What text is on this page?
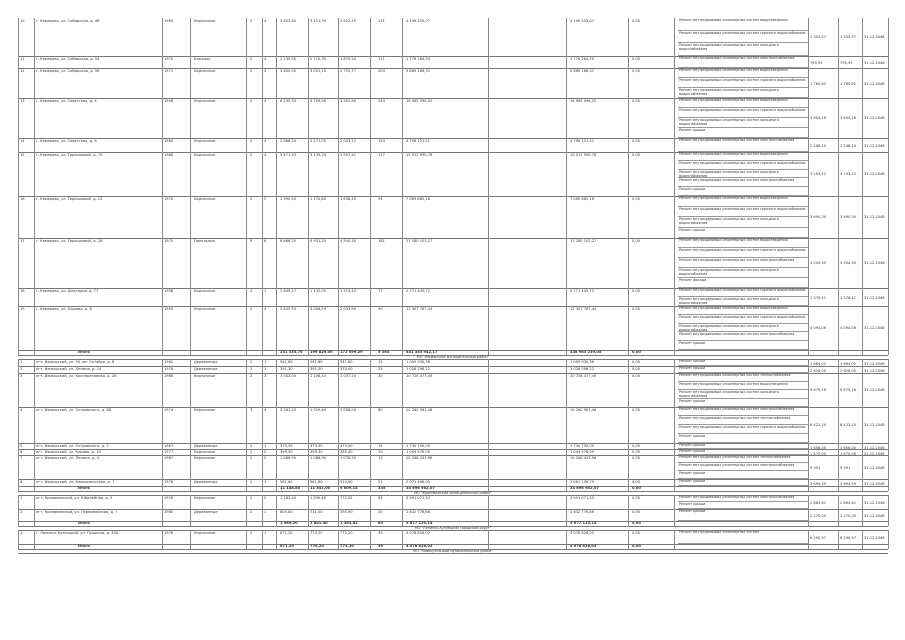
10	г. Кемерово, ул. Сибирская, д. 48	1969	Кирпичные	5	4	3 403,60	3 111,30	2 822,10	131	4 149 255,07	4 149 255,07	0,00	Ремонт внутридомовых инженерных систем водоотведения
Ремонт внутридомовых инженерных систем горячего водоснабжения
Ремонт внутридомовых инженерных систем холодного водоснабжения
1 353,57	1 353,57 31.12.2048
11	г. Кемерово, ул. Сибирская, д. 54	1970	Блочные	5	4	2 235,90	2 110,30	1 879,20	111	1 776 264,50	1 776 264,50	0,00	Ремонт внутридомовых инженерных систем электроснабжения
790,95	790,95	31.12.2048
12	г. Кемерово, ул. Сибирская, д. 56	1971	Кирпичные	5	4	3 450,00	3 051,10	2 755,77	204	5 869 186,31	5 869 186,31	0,00	Ремонт внутридомовых инженерных систем водоотведения
Ремонт внутридомовых инженерных систем горячего водоснабжения
Ремонт внутридомовых инженерных систем холодного водоснабжения
1 760,62	1 760,62 31.12.2048
13	г. Кемерово, ул. Советская, д. 4	1958	Кирпичные	5	4	6 235,33	4 709,90	4 302,60	244	16 965 096,02	16 965 096,02	0,00	Ремонт внутридомовых инженерных систем водоотведения
Ремонт внутридомовых инженерных систем горячего водоснабжения
Ремонт внутридомовых инженерных систем холодного водоснабжения
Ремонт крыши
3 604,16	3 604,16 31.12.2048
14	г. Кемерово, ул. Советская, д. 6	1960	Кирпичные	5	4	2 668,20	2 171,00	2 043,12	124	4 796 121,51	4 796 121,51	0,00	Ремонт внутридомовых инженерных систем электроснабжения
2 208,10	2 208,10 31.12.2048
15	г. Кемерово, ул. Терешковой, д. 19	1966	Кирпичные	5	4	3 471,93	3 135,29	2 907,41	127	10 012 990,78	10 012 990,78	0,00	Ремонт внутридомовых инженерных систем водоотведения
Ремонт внутридомовых инженерных систем горячего водоснабжения
Ремонт внутридомовых инженерных систем холодного водоснабжения
Ремонт внутридомовых инженерных систем электроснабжения
Ремонт крыши
3 193,52	3 193,52 31.12.2048
16	г. Кемерово, ул. Терешковой, д. 22	1970	Кирпичные	5	2	1 990,50	1 770,80	1 638,45	94	7 069 685,16	7 069 685,16	0,00	Ремонт внутридомовых инженерных систем водоотведения
Ремонт внутридомовых инженерных систем горячего водоснабжения
Ремонт внутридомовых инженерных систем холодного водоснабжения
Ремонт крыши
3 990,30	3 990,30 31.12.2048
17	г. Кемерово, ул. Терешковой, д. 28	1975	Панельные	9	6	6 666,20	4 931,20	4 540,30	181	17 280 103,27	17 280 103,27	0,00	Ремонт внутридомовых инженерных систем водоотведения
Ремонт внутридомовых инженерных систем горячего водоснабжения
Ремонт внутридомовых инженерных систем электроснабжения
Ремонт внутридомовых инженерных систем холодного водоснабжения
Ремонт фасада
3 504,30	3 504,30 31.12.2048
18	г. Кемерово, ул. Шахтеров, д. 77	1958	Кирпичные	4	1	2 649,27	1 132,00	2 513,42	77	2 771 449,72	2 771 449,72	0,00	Ремонт внутридомовых инженерных систем горячего водоснабжения
Ремонт внутридомовых инженерных систем холодного водоснабжения
1 376,41	1 376,41 31.12.2048
19	г. Кемерово, ул. Юрьева, д. 8	1959	Кирпичные	5	4	2 635,93	3 006,20	2 033,90	90	12 307 787,44	12 307 787,44	0,00	Ремонт внутридомовых инженерных систем водоотведения
Ремонт внутридомовых инженерных систем горячего водоснабжения
Ремонт внутридомовых инженерных систем холодного водоснабжения
Ремонт внутридомовых инженерных систем электроснабжения
Ремонт крыши
4 094,06	4 094,06 31.12.2048
Итого	231 335,70	199 829,00	172 599,29	9 364	441 345 942,17	438 963 239,05	0,00
МО "Ижморский муниципальный район"
1	пгт. Ижморский, ул. 50 лет Октября, д. 8	1962	Деревянные	2	1	541,80	541,80	541,80	15	1 009 930,36	1 009 930,36	0,00	Ремонт крыши
1 864,02	1 864,02 31.12.2046
2	пгт. Ижморский, ул. Ленина, д. 14	1978	Деревянные	2	1	391,30	391,30	370,00	25	1 028 298,22	1 028 298,22	0,00	Ремонт крыши
2 628,00	2 628,00 31.12.2046
3	пгт. Ижморский, ул. Кооперативная, д. 28	1986	Кирпичные	2	3	1 302,00	1 108,40	1 037,20	30	10 726 477,49	10 726 477,49	0,00	Ремонт внутридомовых инженерных систем теплоснабжения
Ремонт внутридомовых инженерных систем водоотведения
Ремонт внутридомовых инженерных систем холодного водоснабжения
Ремонт крыши
9 679,16	9 679,16 31.12.2048
4	пгт. Ижморский, ул. Островского, д. 88	1974	Кирпичные	3	4	3 261,20	1 529,69	2 008,00	60	10 260 981,46	10 260 981,46	0,00	Ремонт внутридомовых инженерных систем электроснабжения
Ремонт внутридомовых инженерных систем теплоснабжения
Ремонт внутридомовых инженерных систем горячего водоснабжения
Ремонт крыши
6 422,20	6 422,20 31.12.2048
5	пгт. Ижморский, ул. Островского, д. 2	1967	Деревянные	2	1	373,30	373,30	370,00	15	1 730 750,00	1 730 750,00	0,00	Ремонт крыши
1 656,00	1 656,00 31.12.2046
6	пгт. Ижморский, ул. Кирова, д. 10	1977	Кирпичные	2	2	399,30	399,30	385,40	10	1 044 576,09	1 044 576,09	0,00	Ремонт крыши
1 470,00	1 470,00 31.12.2046
7	пгт. Ижморский, ул. Ленина, д. 4	1987	Кирпичные	2	2	1 086,90	1 086,90	1 078,30	13	10 208 433,96	10 208 433,96	0,00	Ремонт внутридомовых инженерных систем теплоснабжения
Ремонт внутридомовых инженерных систем электроснабжения
Ремонт крыши
9 391	9 391	31.12.2048
8	пгт. Ижморский, ул. Комсомольская, д. 7	1978	Деревянные	2	1	561,60	561,60	512,00	21	2 071 496,05	2 061 196,75	0,00	Ремонт крыши
3 694,59	3 694,59 31.12.2048
Итого	11 148,80	11 341,00	9 009,14	335	34 696 982,07	34 696 982,07	0,00
МО "Крапивинский муниципальный район"
1	пгт. Крапивинский, ул. Юбилейная, д. 5	1970	Кирпичные	2	2	1 183,40	1 090,40	772,92	43	3 991 071,52	3 991 071,52	0,00	Ремонт внутридомовых инженерных систем электроснабжения
Ремонт крыши	2 864,61	2 864,61 31.12.2048
2	пгт. Крапивинский, ул. Первомайская, д. 7	1960	Деревянные	2	1	805,80	711,00	590,90	20	1 832 776,86	1 832 776,86	0,00	Ремонт крыши
2 270,00	2 270,00 31.12.2048
Итого	1 989,20	1 801,40	1 363,82	63	5 677 125,14	5 677 125,14	0,00
МО "Ленинск-Кузнецкий городской округ"
1	г. Ленинск-Кузнецкий, ул. Пушкина, д. 40А	1976	Кирпичные	2	1	871,20	770,20	773,20	39	4 078 826,02	4 078 826,02	0,00	Ремонт внутридомовых инженерных систем
6 290,97	6 290,97 31.12.2048
Итого	871,20	770,20	773,20	39	4 078 826,02	4 078 826,02	0,00
МО "Новокузнецкий муниципальный район"
